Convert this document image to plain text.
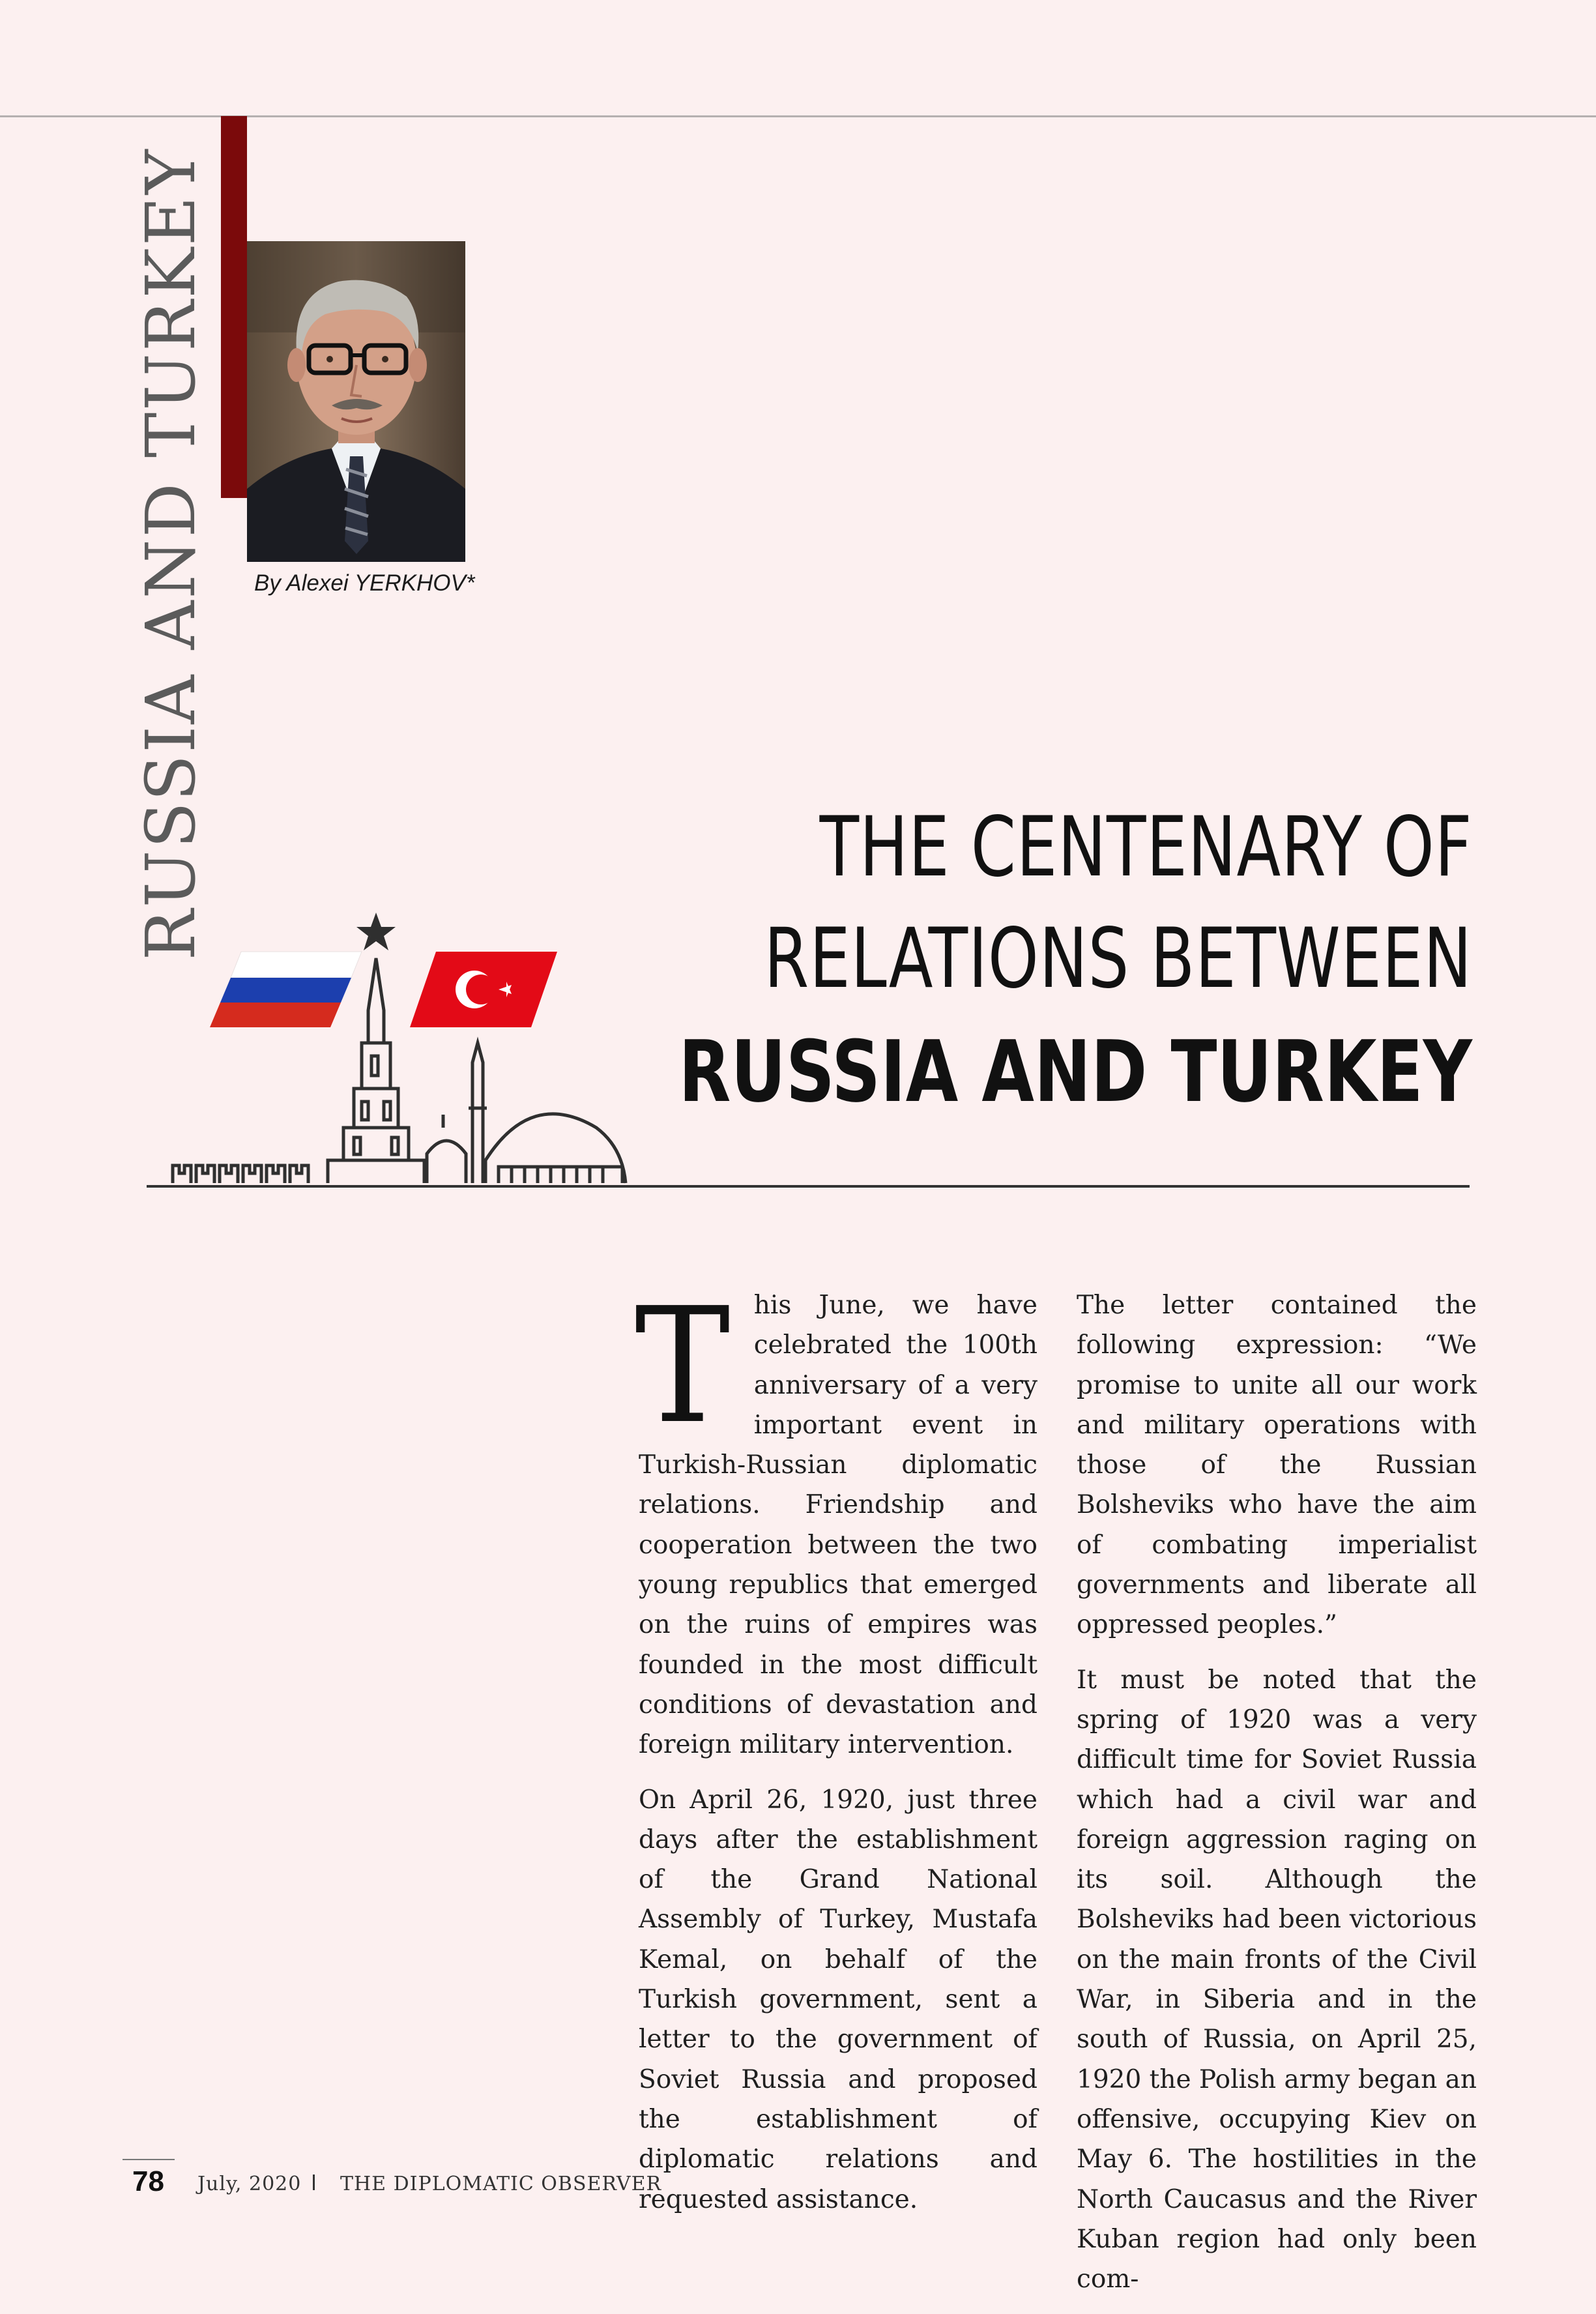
RUSSIA AND TURKEY By Alexei YERKHOV*
THE CENTENARY OF
RELATIONS BETWEEN
RUSSIA AND TURKEY

This June, we have celebrated the 100th anniversary of a very important event in Turkish-Russian diplomatic relations. Friendship and cooperation between the two young republics that emerged on the ruins of empires was founded in the most difficult conditions of devastation and foreign military intervention.

On April 26, 1920, just three days after the establishment of the Grand National Assembly of Turkey, Mustafa Kemal, on behalf of the Turkish government, sent a letter to the government of Soviet Russia and proposed the establishment of diplomatic relations and requested assistance.

The letter contained the following expression: “We promise to unite all our work and military operations with those of the Russian Bolsheviks who have the aim of combating imperialist governments and liberate all oppressed peoples.”

It must be noted that the spring of 1920 was a very difficult time for Soviet Russia which had a civil war and foreign aggression raging on its soil. Although the Bolsheviks had been victorious on the main fronts of the Civil War, in Siberia and in the south of Russia, on April 25, 1920 the Polish army began an offensive, occupying Kiev on May 6. The hostilities in the North Caucasus and the River Kuban region had only been com-

78 July, 2020 THE DIPLOMATIC OBSERVER
